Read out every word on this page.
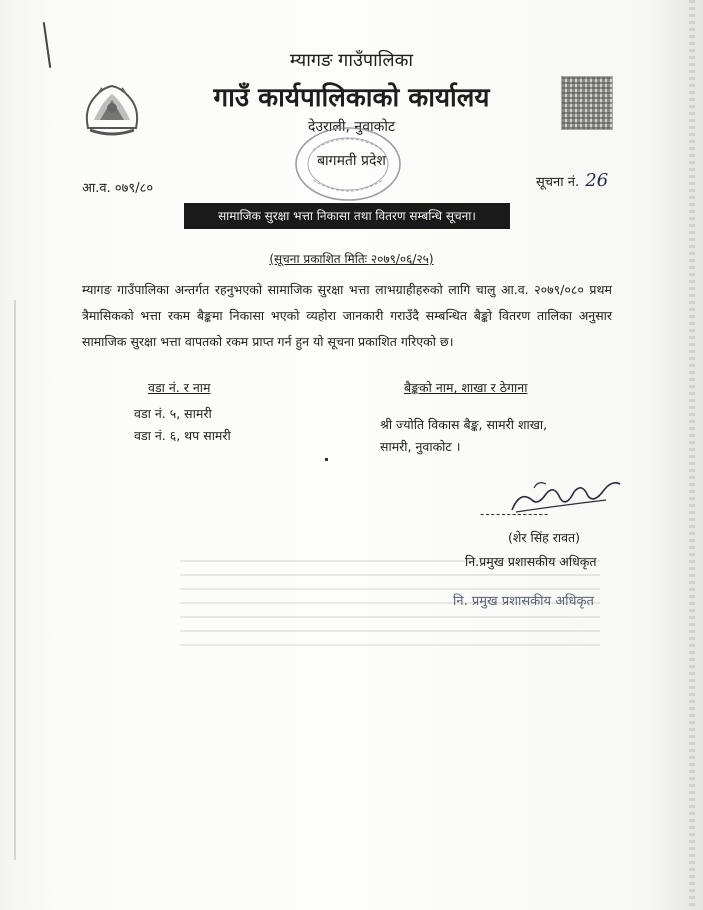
म्यागङ गाउँपालिका
गाउँ कार्यपालिकाको कार्यालय
देउराली, नुवाकोट
बागमती प्रदेश
आ.व. ०७९/८०	सूचना नं. 26
सामाजिक सुरक्षा भत्ता निकासा तथा वितरण सम्बन्धि सूचना।
(सूचना प्रकाशित मितिः २०७९/०६/२५)
म्यागङ गाउँपालिका अन्तर्गत रहनुभएको सामाजिक सुरक्षा भत्ता लाभग्राहीहरुको लागि चालु आ.व. २०७९/०८० प्रथम त्रैमासिकको भत्ता रकम बैङ्कमा निकासा भएको व्यहोरा जानकारी गराउँदै सम्बन्धित बैङ्को वितरण तालिका अनुसार सामाजिक सुरक्षा भत्ता वापतको रकम प्राप्त गर्न हुन यो सूचना प्रकाशित गरिएको छ।
वडा नं. र नाम	बैङ्कको नाम, शाखा र ठेगाना
वडा नं. ५, सामरी
वडा नं. ६, थप सामरी
श्री ज्योति विकास बैङ्क, सामरी शाखा,
सामरी, नुवाकोट ।
-------------
(शेर सिंह रावत)
नि.प्रमुख प्रशासकीय अधिकृत
नि. प्रमुख प्रशासकीय अधिकृत
